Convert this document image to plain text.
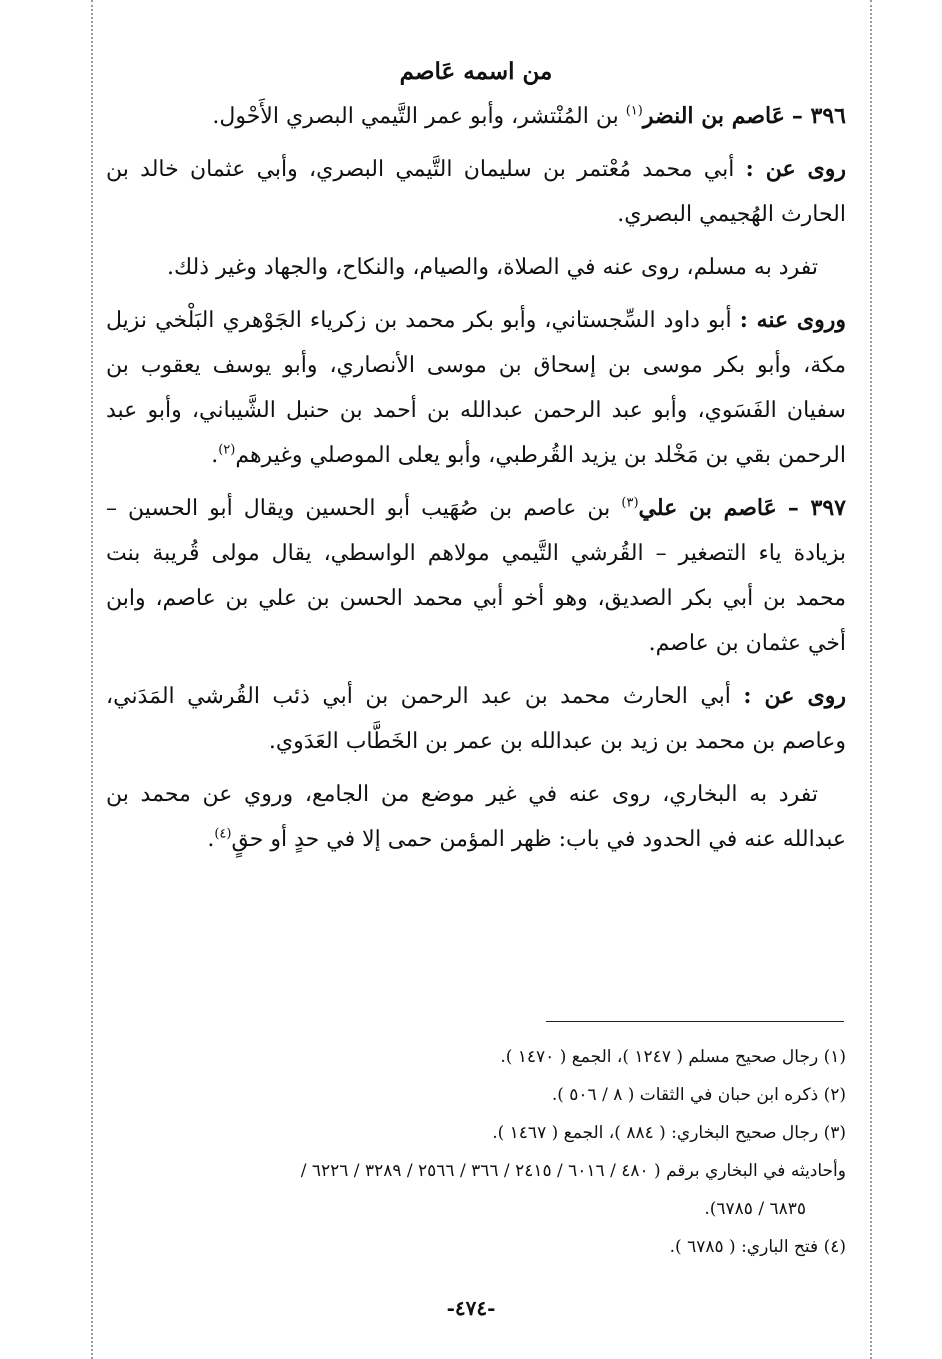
من اسمه عَاصم

٣٩٦ – عَاصم بن النضر$^{(١)}$ بن المُنْتشر، وأبو عمر التَّيمي البصري الأَحْول.

روى عن : أبي محمد مُعْتمر بن سليمان التَّيمي البصري، وأبي عثمان خالد بن الحارث الهُجيمي البصري.

تفرد به مسلم، روى عنه في الصلاة، والصيام، والنكاح، والجهاد وغير ذلك.

وروى عنه : أبو داود السِّجستاني، وأبو بكر محمد بن زكرياء الجَوْهري البَلْخي نزيل مكة، وأبو بكر موسى بن إسحاق بن موسى الأنصاري، وأبو يوسف يعقوب بن سفيان الفَسَوي، وأبو عبد الرحمن عبدالله بن أحمد بن حنبل الشَّيباني، وأبو عبد الرحمن بقي بن مَخْلد بن يزيد القُرطبي، وأبو يعلى الموصلي وغيرهم$^{(٢)}$.

٣٩٧ – عَاصم بن علي$^{(٣)}$ بن عاصم بن صُهَيب أبو الحسين ويقال أبو الحسين – بزيادة ياء التصغير – القُرشي التَّيمي مولاهم الواسطي، يقال مولى قُريبة بنت محمد بن أبي بكر الصديق، وهو أخو أبي محمد الحسن بن علي بن عاصم، وابن أخي عثمان بن عاصم.

روى عن : أبي الحارث محمد بن عبد الرحمن بن أبي ذئب القُرشي المَدَني، وعاصم بن محمد بن زيد بن عبدالله بن عمر بن الخَطَّاب العَدَوي.

تفرد به البخاري، روى عنه في غير موضع من الجامع، وروي عن محمد بن عبدالله عنه في الحدود في باب: ظهر المؤمن حمى إلا في حدٍ أو حقٍ$^{(٤)}$.

(١) رجال صحيح مسلم ( ١٢٤٧ )، الجمع ( ١٤٧٠ ).
(٢) ذكره ابن حبان في الثقات ( ٨ / ٥٠٦ ).
(٣) رجال صحيح البخاري: ( ٨٨٤ )، الجمع ( ١٤٦٧ ).
وأحاديثه في البخاري برقم ( ٤٨٠ / ٦٠١٦ / ٢٤١٥ / ٣٦٦ / ٢٥٦٦ / ٣٢٨٩ / ٦٢٢٦ /
٦٨٣٥ / ٦٧٨٥).
(٤) فتح الباري: ( ٦٧٨٥ ).
-٤٧٤-
